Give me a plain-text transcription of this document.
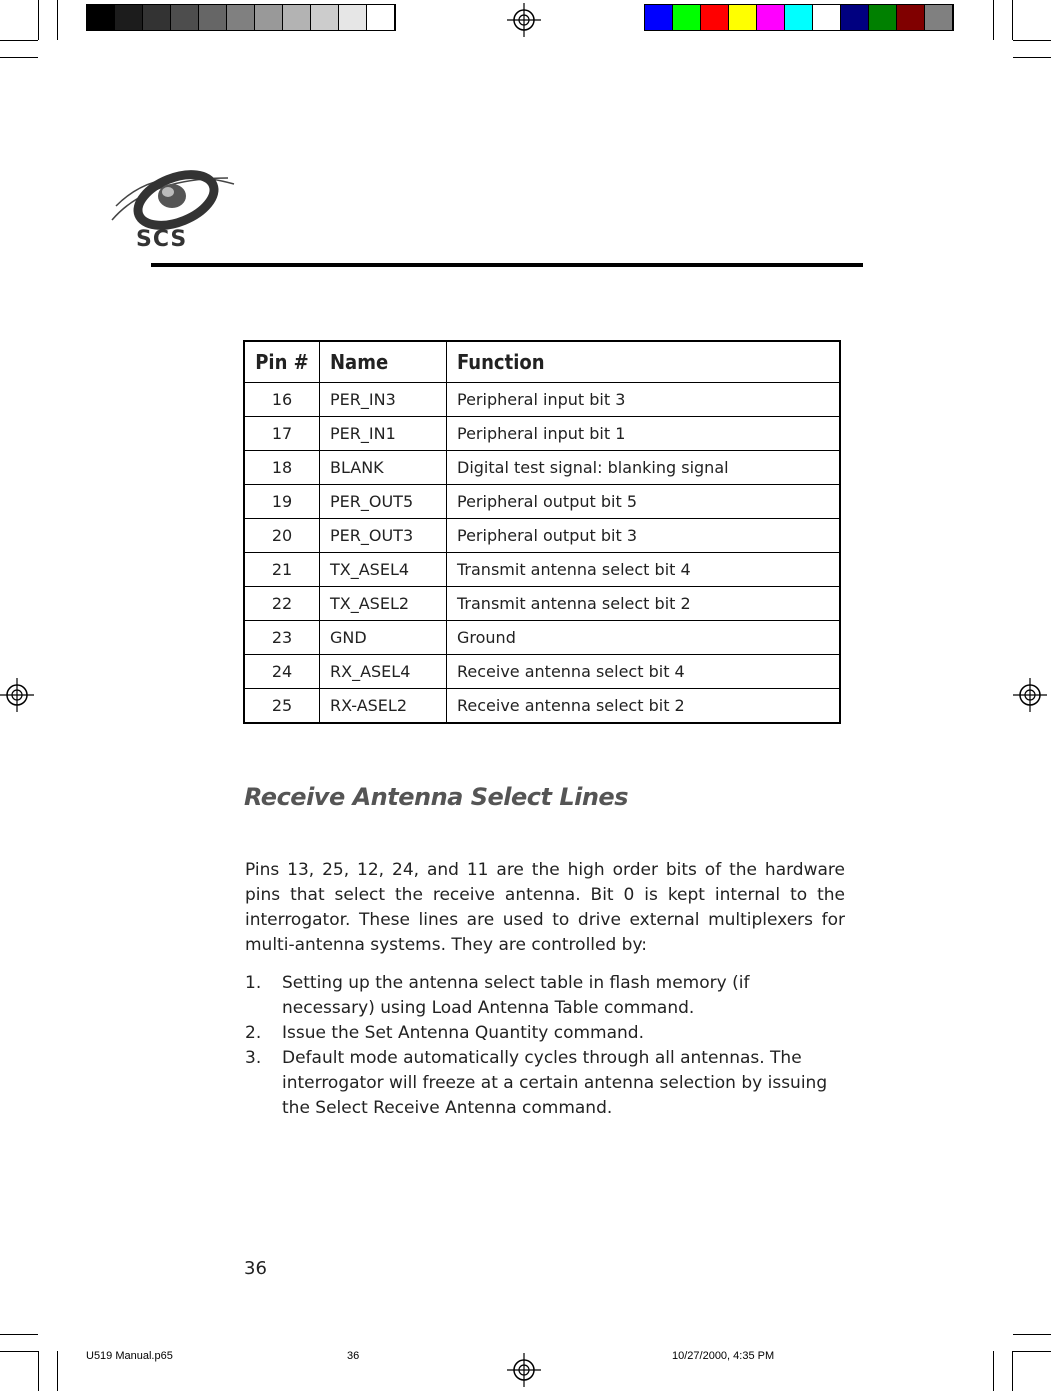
SCS
Pin #	Name	Function
16	PER_IN3	Peripheral input bit 3
17	PER_IN1	Peripheral input bit 1
18	BLANK	Digital test signal: blanking signal
19	PER_OUT5	Peripheral output bit 5
20	PER_OUT3	Peripheral output bit 3
21	TX_ASEL4	Transmit antenna select bit 4
22	TX_ASEL2	Transmit antenna select bit 2
23	GND	Ground
24	RX_ASEL4	Receive antenna select bit 4
25	RX-ASEL2	Receive antenna select bit 2
Receive Antenna Select Lines

Pins 13, 25, 12, 24, and 11 are the high order bits of the hardware pins that select the receive antenna. Bit 0 is kept internal to the interrogator. These lines are used to drive external multiplexers for multi-antenna systems. They are controlled by:

1. Setting up the antenna select table in flash memory (if necessary) using Load Antenna Table command.
2. Issue the Set Antenna Quantity command.
3. Default mode automatically cycles through all antennas. The interrogator will freeze at a certain antenna selection by issuing the Select Receive Antenna command.
36
U519 Manual.p65	36	10/27/2000, 4:35 PM
